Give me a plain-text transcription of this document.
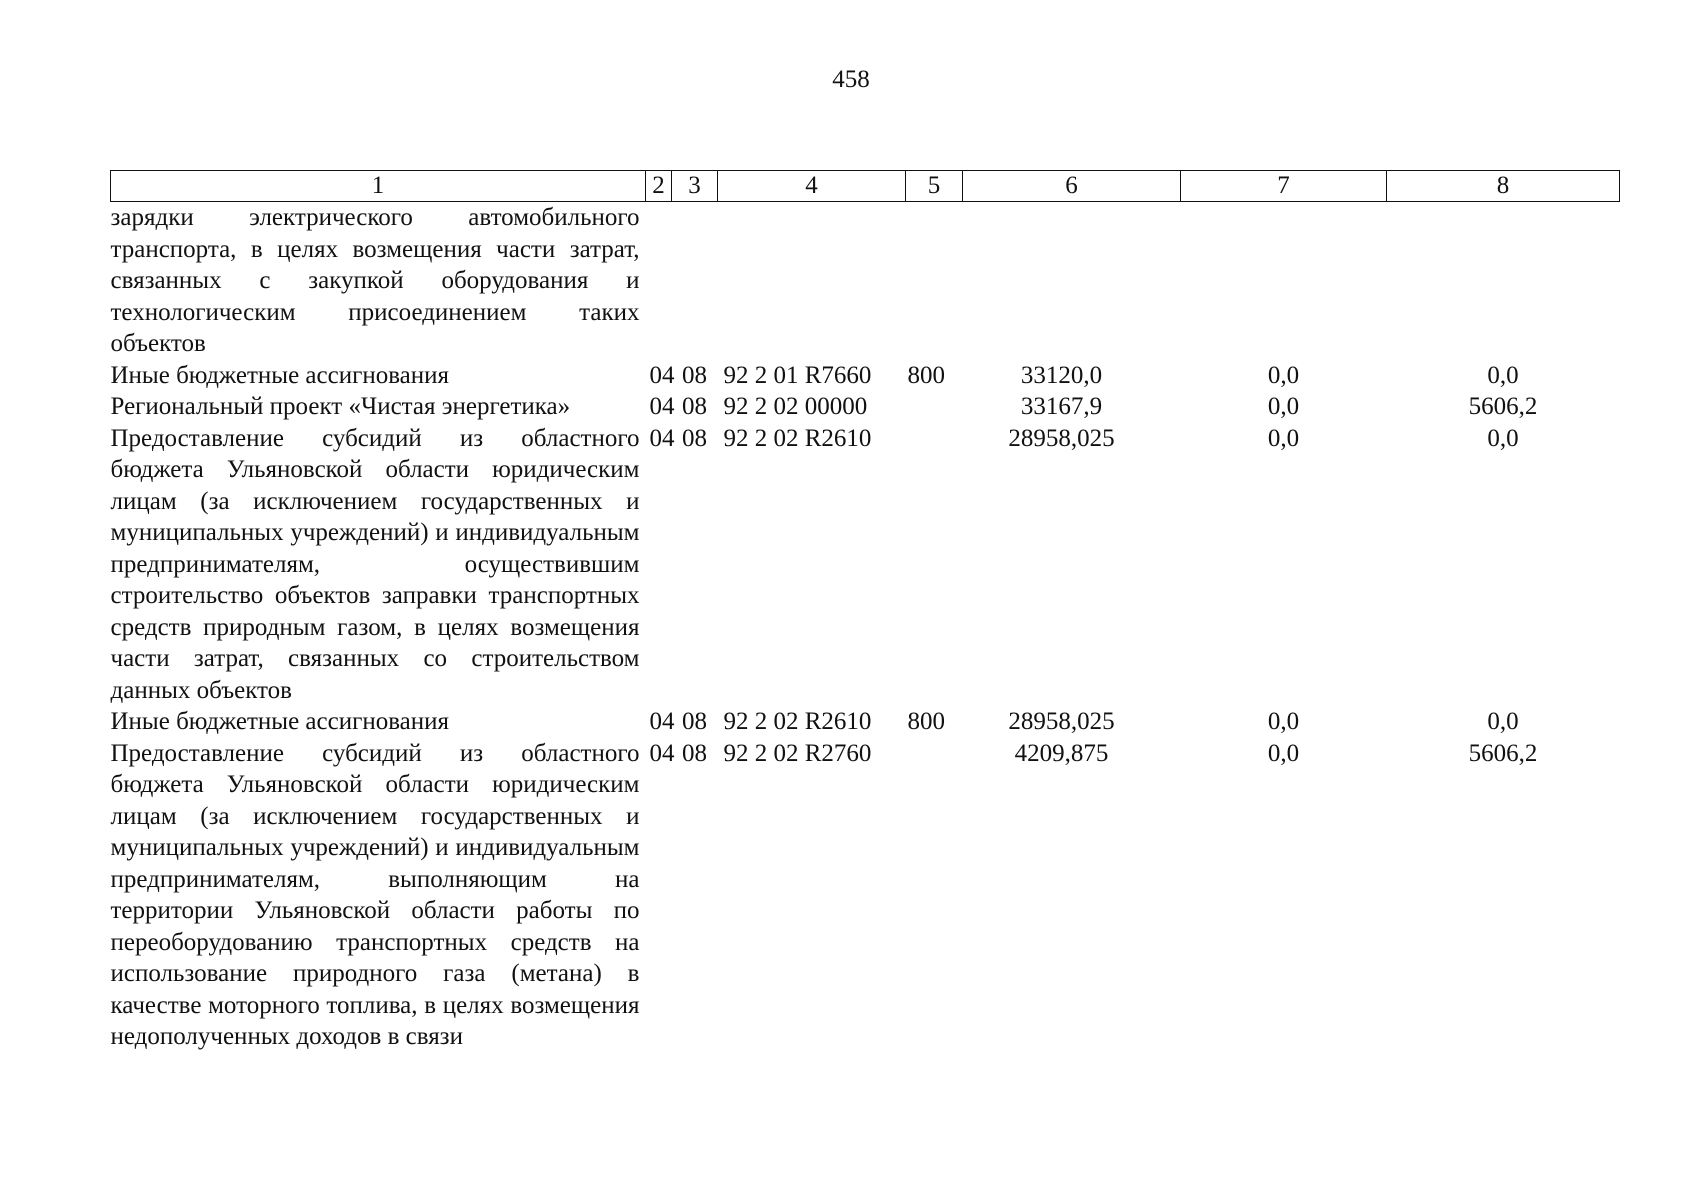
458
1	2	3	4	5	6	7	8
зарядки электрического автомобильного транспорта, в целях возмещения части затрат, связанных с закупкой оборудования и технологическим присоединением таких объектов							
Иные бюджетные ассигнования	04	08	92 2 01 R7660	800	33120,0	0,0	0,0
Региональный проект «Чистая энергетика»	04	08	92 2 02 00000		33167,9	0,0	5606,2
Предоставление субсидий из областного бюджета Ульяновской области юридическим лицам (за исключением государственных и муниципальных учреждений) и индивидуальным предпринимателям, осуществившим строительство объектов заправки транспортных средств природным газом, в целях возмещения части затрат, связанных со строительством данных объектов	04	08	92 2 02 R2610		28958,025	0,0	0,0
Иные бюджетные ассигнования	04	08	92 2 02 R2610	800	28958,025	0,0	0,0
Предоставление субсидий из областного бюджета Ульяновской области юридическим лицам (за исключением государственных и муниципальных учреждений) и индивидуальным предпринимателям, выполняющим на территории Ульяновской области работы по переоборудованию транспортных средств на использование природного газа (метана) в качестве моторного топлива, в целях возмещения недополученных доходов в связи	04	08	92 2 02 R2760		4209,875	0,0	5606,2
